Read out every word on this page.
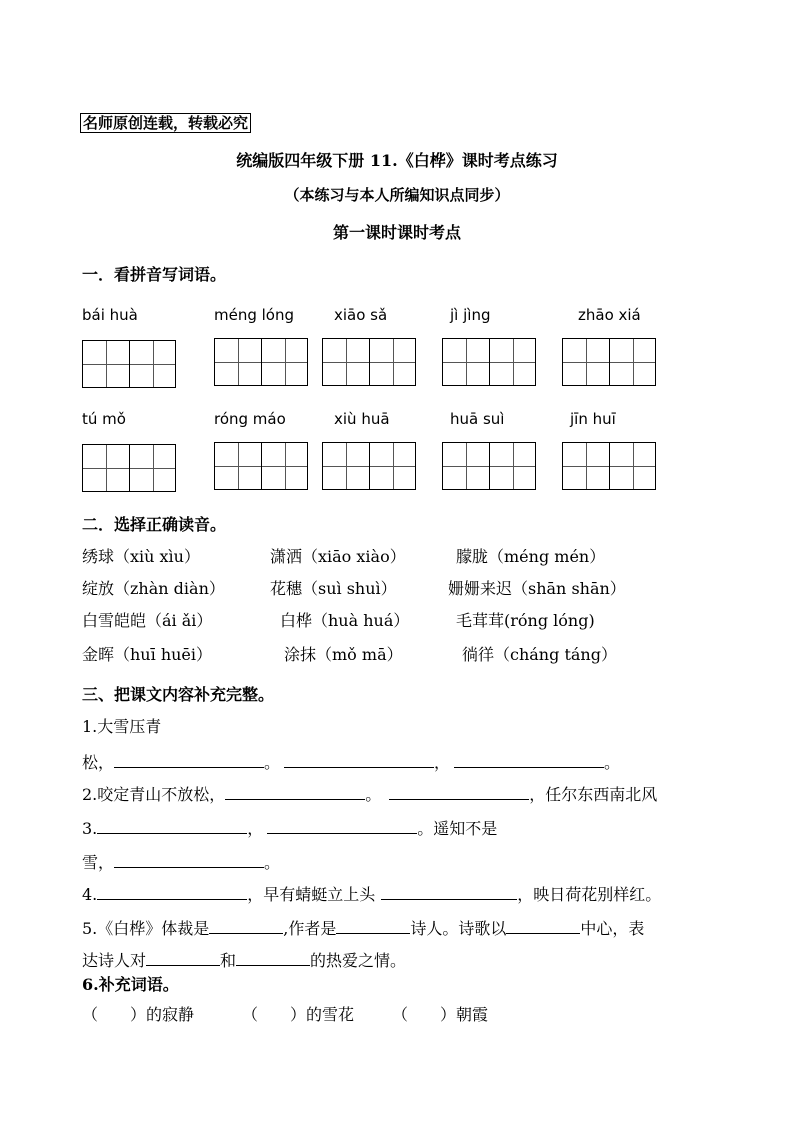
名师原创连载，转载必究
统编版四年级下册 11.《白桦》课时考点练习
（本练习与本人所编知识点同步）
第一课时课时考点
一．看拼音写词语。
bái huà	méng lóng	xiāo sǎ	jì jìng	zhāo xiá
tú mǒ	róng máo	xiù huā	huā suì	jīn huī
二．选择正确读音。
绣球（xiù xìu）	潇洒（xiāo xiào）	朦胧（méng mén）
绽放（zhàn diàn）	花穗（suì shuì）	姗姗来迟（shān shān）
白雪皑皑（ái ǎi）	白桦（huà huá）	毛茸茸(róng lóng)
金晖（huī huēi）	涂抹（mǒ mā）	徜徉（cháng táng）
三、把课文内容补充完整。
1.大雪压青
松，	。	，	。
2.咬定青山不放松，	。	，任尔东西南北风
3.	，	。遥知不是
雪，	。
4.	，早有蜻蜓立上头	，映日荷花别样红。
5.《白桦》体裁是	,作者是	诗人。诗歌以	中心，表
达诗人对	和	的热爱之情。
6.补充词语。
（　　）的寂静	（　　）的雪花 （　　）朝霞
